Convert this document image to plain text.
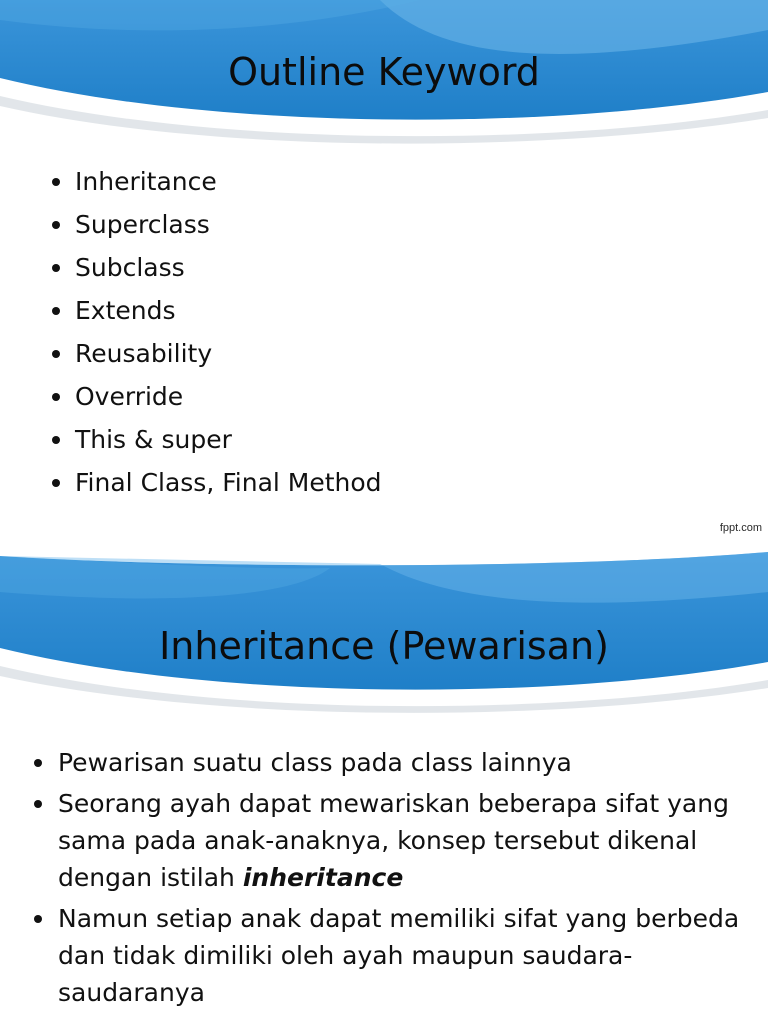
Outline Keyword
Inheritance
Superclass
Subclass
Extends
Reusability
Override
This & super
Final Class, Final Method
fppt.com
Inheritance (Pewarisan)
Pewarisan suatu class pada class lainnya
Seorang ayah dapat mewariskan beberapa sifat yang sama pada anak-anaknya, konsep tersebut dikenal dengan istilah inheritance
Namun setiap anak dapat memiliki sifat yang berbeda dan tidak dimiliki oleh ayah maupun saudara-saudaranya
